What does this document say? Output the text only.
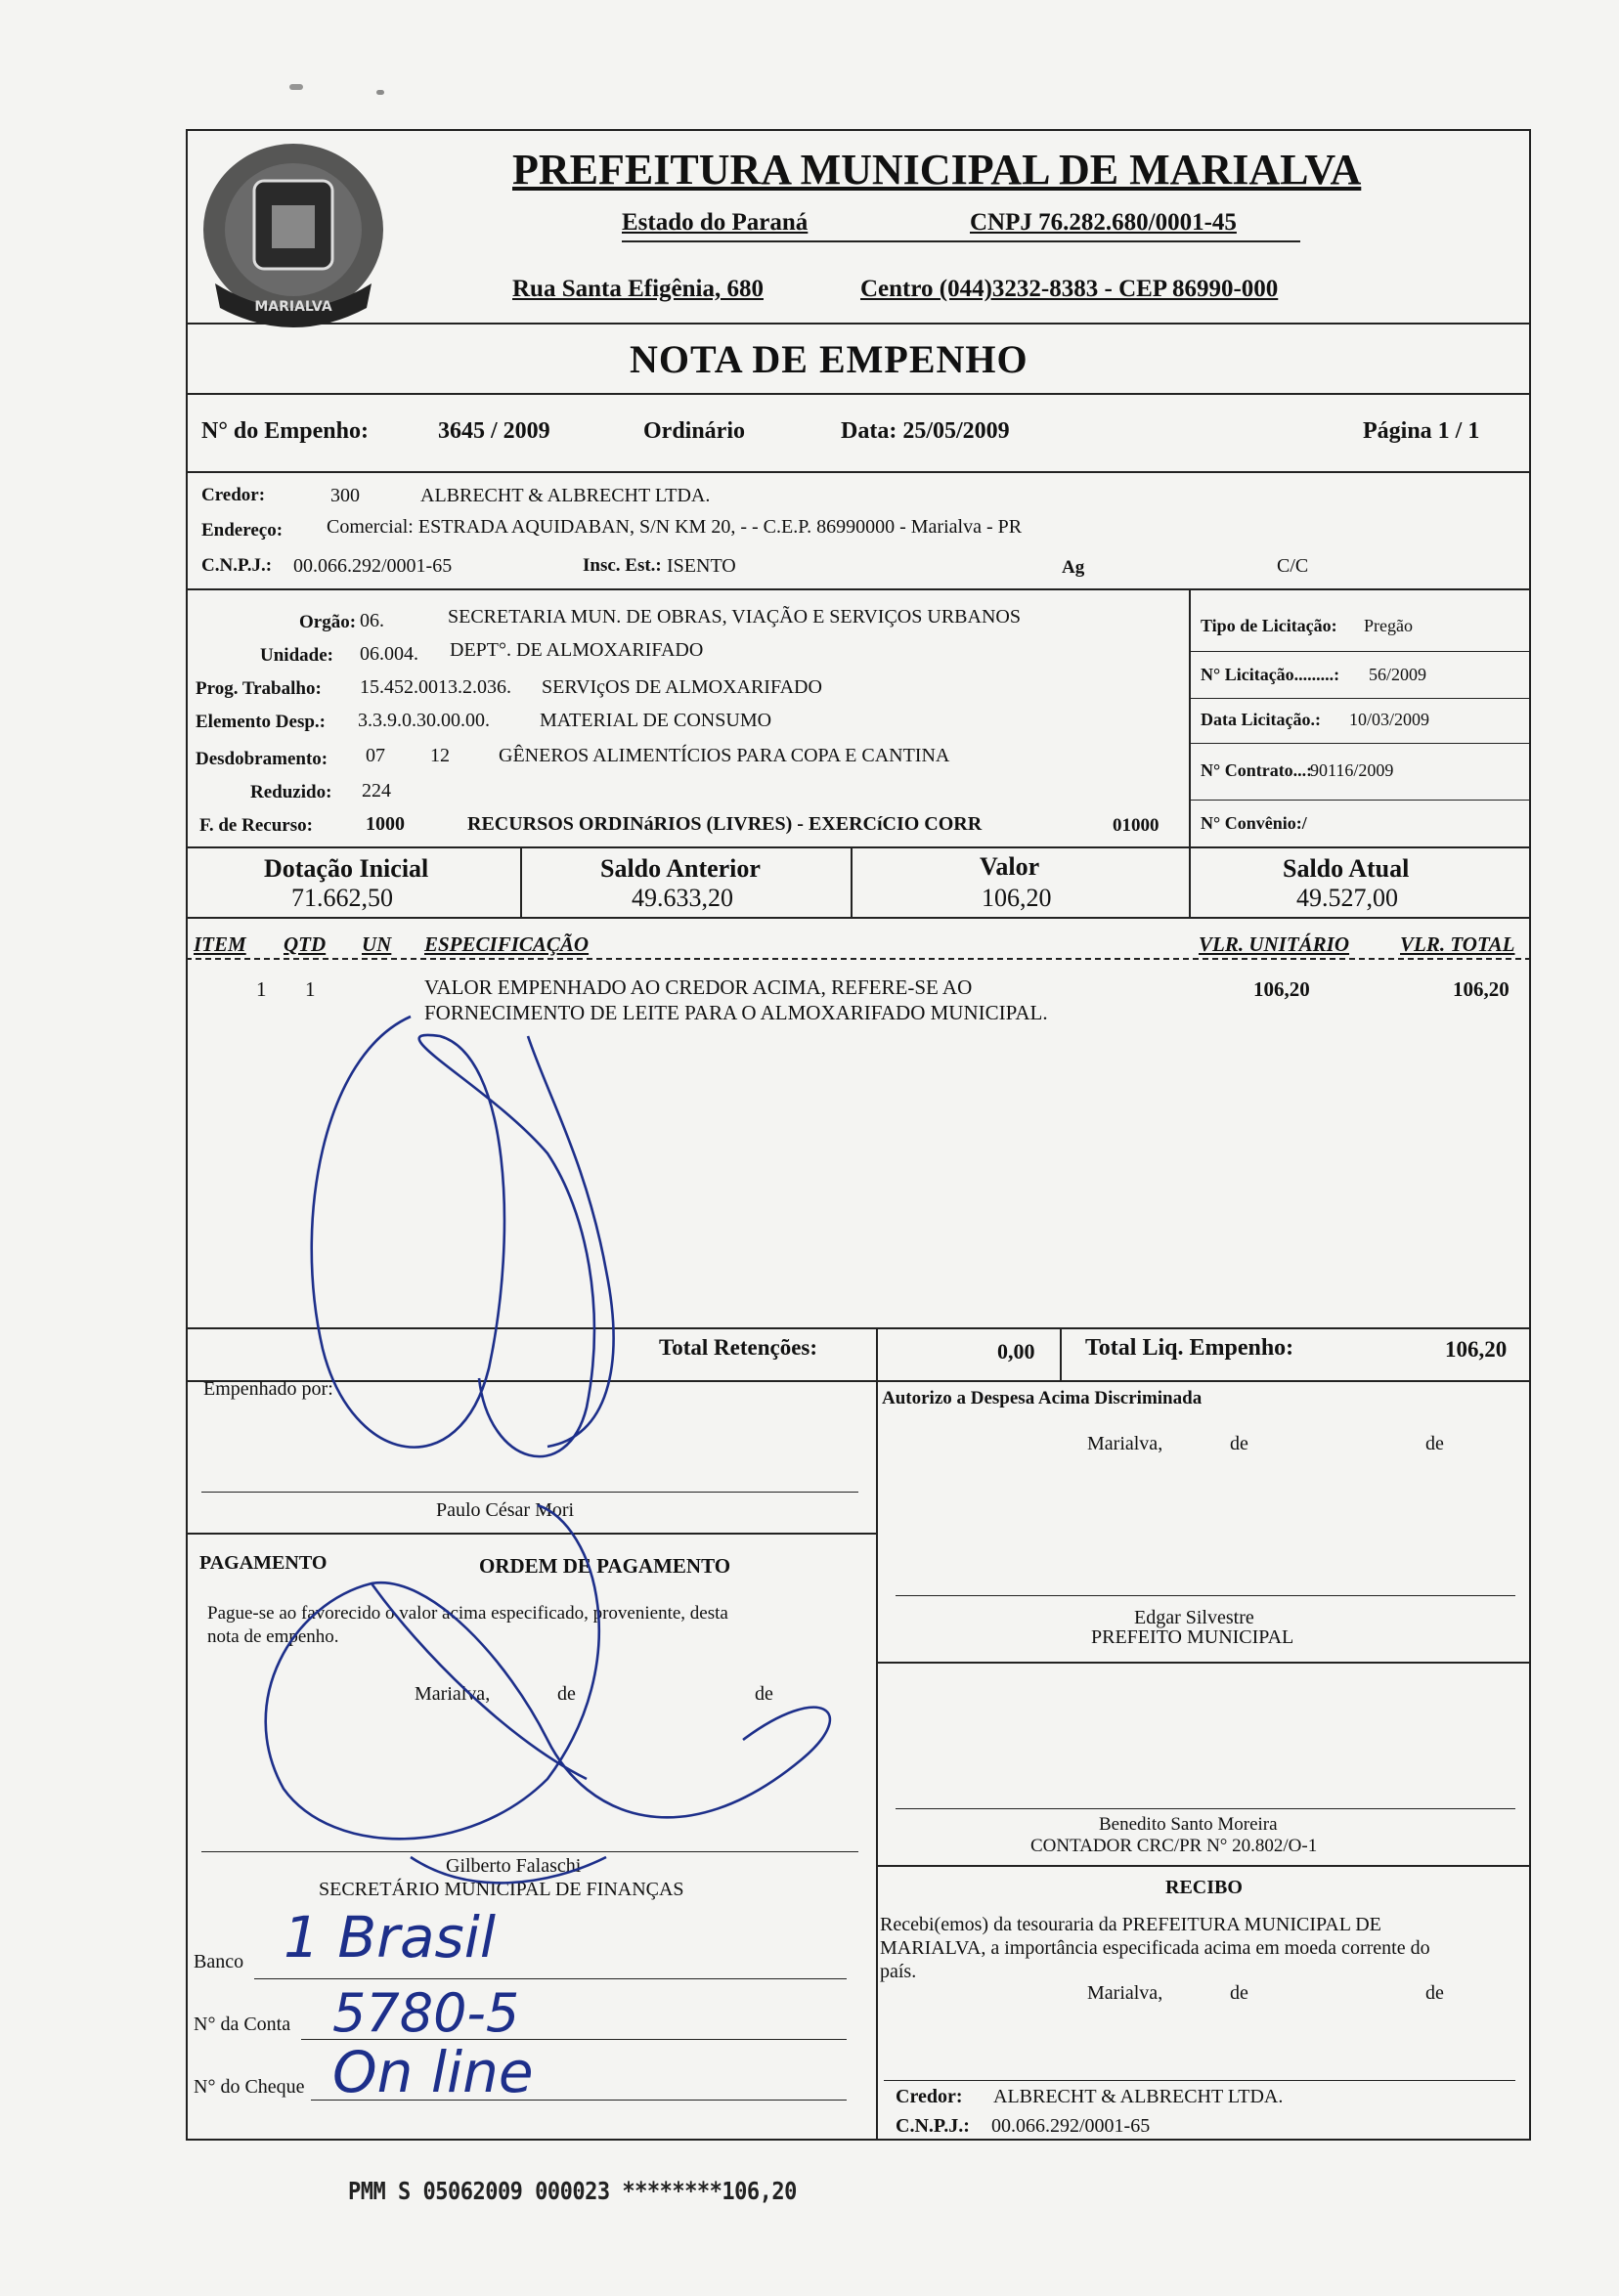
MARIALVA
PREFEITURA MUNICIPAL DE MARIALVA
Estado do Paraná	CNPJ 76.282.680/0001-45
Rua Santa Efigênia, 680	Centro (044)3232-8383 - CEP 86990-000
NOTA DE EMPENHO
N° do Empenho:	3645 / 2009	Ordinário	Data: 25/05/2009	Página 1 / 1
Credor:	300	ALBRECHT & ALBRECHT LTDA.
Endereço: Comercial: ESTRADA AQUIDABAN, S/N KM 20, - - C.E.P. 86990000 - Marialva - PR
C.N.P.J.: 00.066.292/0001-65	Insc. Est.: ISENTO	Ag	C/C
Orgão: 06.	SECRETARIA MUN. DE OBRAS, VIAÇÃO E SERVIÇOS URBANOS
Unidade: 06.004. DEPT°. DE ALMOXARIFADO
Prog. Trabalho: 15.452.0013.2.036. SERVIçOS DE ALMOXARIFADO
Elemento Desp.: 3.3.9.0.30.00.00.	MATERIAL DE CONSUMO
Desdobramento: 07 12	GÊNEROS ALIMENTÍCIOS PARA COPA E CANTINA
Reduzido: 224
F. de Recurso:	1000	RECURSOS ORDINáRIOS (LIVRES) - EXERCíCIO CORR	01000
Tipo de Licitação: Pregão
N° Licitação.........: 56/2009
Data Licitação.: 10/03/2009
N° Contrato...:
90116/2009
N° Convênio:/
Dotação Inicial
71.662,50
Saldo Anterior
49.633,20
Valor
106,20
Saldo Atual
49.527,00
ITEM QTD UN ESPECIFICAÇÃO	VLR. UNITÁRIO VLR. TOTAL
1 1	VALOR EMPENHADO AO CREDOR ACIMA, REFERE-SE AO
FORNECIMENTO DE LEITE PARA O ALMOXARIFADO MUNICIPAL.
106,20	106,20
Total Retenções:	0,00 Total Liq. Empenho:	106,20
Empenhado por:
Paulo César Mori
Autorizo a Despesa Acima Discriminada
Marialva,	de	de
Edgar Silvestre
PREFEITO MUNICIPAL
PAGAMENTO	ORDEM DE PAGAMENTO
Pague-se ao favorecido o valor acima especificado, proveniente, desta
nota de empenho.
Marialva,	de	de
Gilberto Falaschi
SECRETÁRIO MUNICIPAL DE FINANÇAS
Benedito Santo Moreira
CONTADOR CRC/PR N° 20.802/O-1
RECIBO
Recebi(emos) da tesouraria da PREFEITURA MUNICIPAL DE
MARIALVA, a importância especificada acima em moeda corrente do
país.
Marialva,	de	de
Credor: ALBRECHT & ALBRECHT LTDA.
C.N.P.J.: 00.066.292/0001-65
Banco 1 Brasil
N° da Conta 5780-5
N° do Cheque On line
PMM S 05062009 000023 ********106,20
